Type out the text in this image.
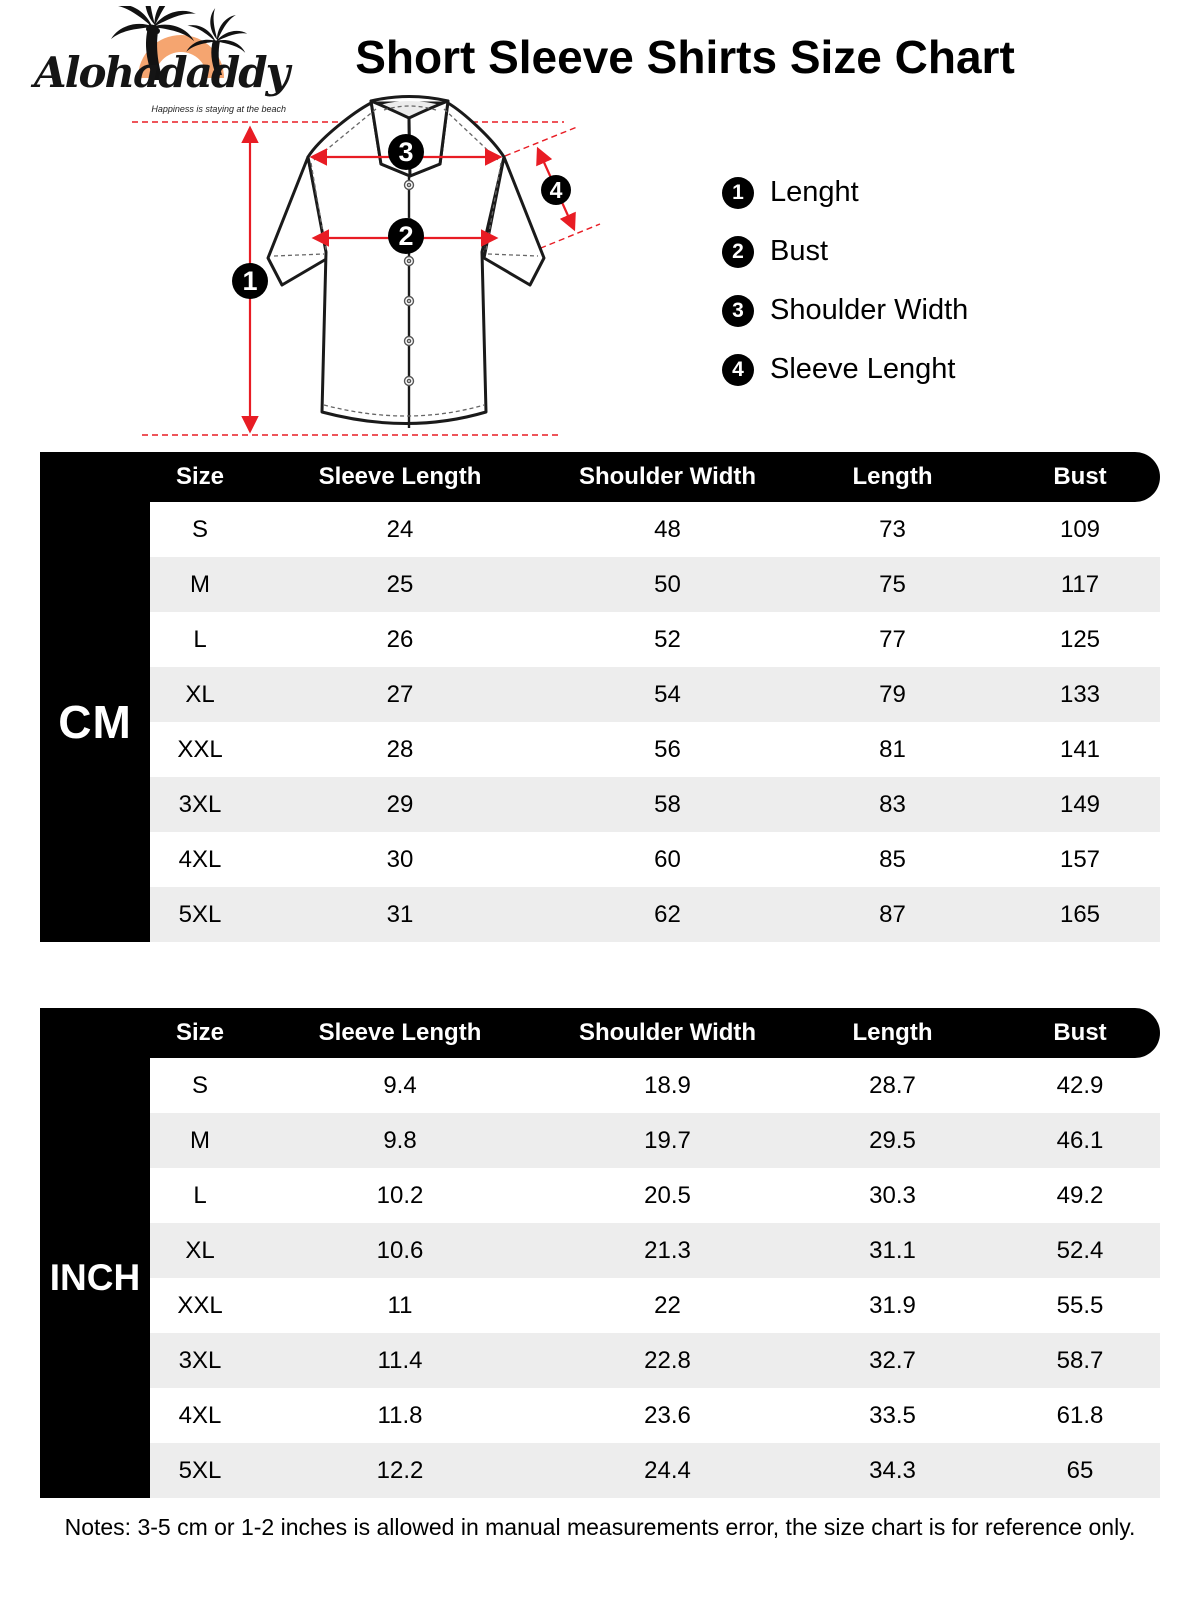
Alohadaddy
Happiness is staying at the beach
Short Sleeve Shirts Size Chart
1
2
3
4	1 Lenght
2 Bust
3 Shoulder Width
4 Sleeve Lenght
Size	Sleeve Length	Shoulder Width	Length	Bust
CM
S	24	48	73	109
M	25	50	75	117
L	26	52	77	125
XL	27	54	79	133
XXL	28	56	81	141
3XL	29	58	83	149
4XL	30	60	85	157
5XL	31	62	87	165
Size	Sleeve Length	Shoulder Width	Length	Bust
INCH
S	9.4	18.9	28.7	42.9
M	9.8	19.7	29.5	46.1
L	10.2	20.5	30.3	49.2
XL	10.6	21.3	31.1	52.4
XXL	11	22	31.9	55.5
3XL	11.4	22.8	32.7	58.7
4XL	11.8	23.6	33.5	61.8
5XL	12.2	24.4	34.3	65

Notes: 3-5 cm or 1-2 inches is allowed in manual measurements error, the size chart is for reference only.
